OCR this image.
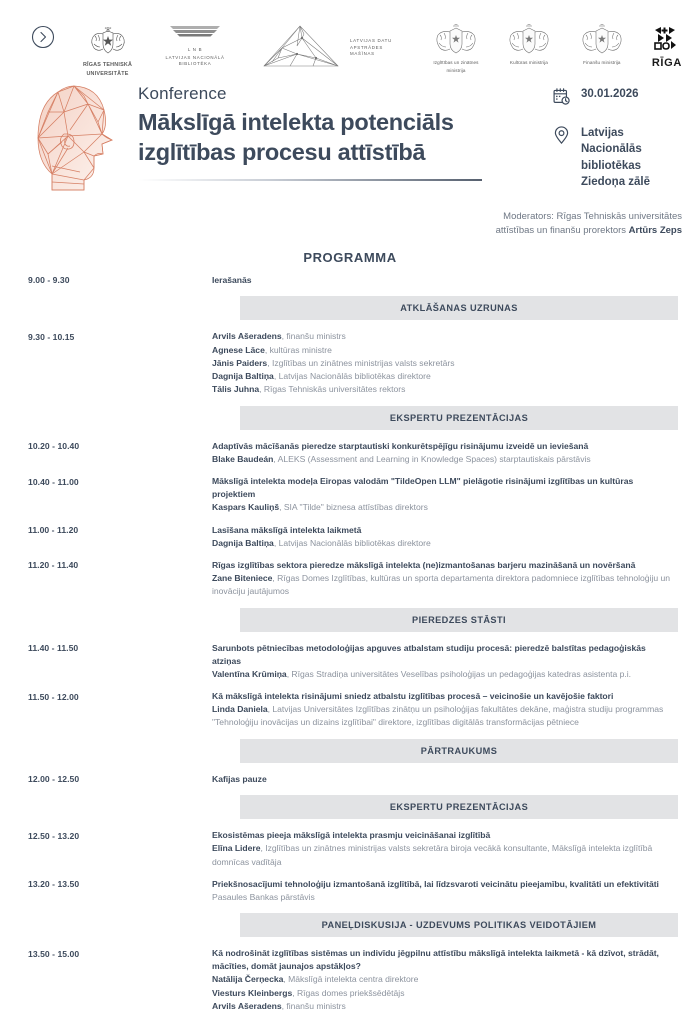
1862
RĪGAS TEHNISKĀ
UNIVERSITĀTE
L N B
LATVIJAS NACIONĀLĀ BIBLIOTĒKA
LATVIJAS DATU APSTRĀDES MAŠĪNAS
Izglītības un zinātnes
ministrija
Kultūras ministrija	Finanšu ministrija	RĪGA
Konference
Mākslīgā intelekta potenciāls
izglītības procesu attīstībā
30.01.2026
Latvijas
Nacionālās
bibliotēkas
Ziedoņa zālē
Moderators: Rīgas Tehniskās universitātes
attīstības un finanšu prorektors Artūrs Zeps
PROGRAMMA
9.00 - 9.30	Ierašanās
ATKLĀŠANAS UZRUNAS
9.30 - 10.15	Arvils Ašeradens, finanšu ministrs
Agnese Lāce, kultūras ministre
Jānis Paiders, Izglītības un zinātnes ministrijas valsts sekretārs
Dagnija Baltiņa, Latvijas Nacionālās bibliotēkas direktore
Tālis Juhna, Rīgas Tehniskās universitātes rektors
EKSPERTU PREZENTĀCIJAS
10.20 - 10.40	Adaptīvās mācīšanās pieredze starptautiski konkurētspējīgu risinājumu izveidē un ieviešanā
Blake Baudeán, ALEKS (Assessment and Learning in Knowledge Spaces) starptautiskais pārstāvis
10.40 - 11.00	Mākslīgā intelekta modeļa Eiropas valodām "TildeOpen LLM" pielāgotie risinājumi izglītības un kultūras projektiem
Kaspars Kauliņš, SIA "Tilde" biznesa attīstības direktors
11.00 - 11.20	Lasīšana mākslīgā intelekta laikmetā
Dagnija Baltiņa, Latvijas Nacionālās bibliotēkas direktore
11.20 - 11.40	Rīgas izglītības sektora pieredze mākslīgā intelekta (ne)izmantošanas barjeru mazināšanā un novēršanā
Zane Biteniece, Rīgas Domes Izglītības, kultūras un sporta departamenta direktora padomniece izglītības tehnoloģiju un inovāciju jautājumos
PIEREDZES STĀSTI
11.40 - 11.50	Sarunbots pētniecības metodoloģijas apguves atbalstam studiju procesā: pieredzē balstītas pedagoģiskās atziņas
Valentīna Krūmiņa, Rīgas Stradiņa universitātes Veselības psiholoģijas un pedagoģijas katedras asistenta p.i.
11.50 - 12.00	Kā mākslīgā intelekta risinājumi sniedz atbalstu izglītības procesā – veicinošie un kavējošie faktori
Linda Daniela, Latvijas Universitātes Izglītības zinātņu un psiholoģijas fakultātes dekāne, maģistra studiju programmas "Tehnoloģiju inovācijas un dizains izglītībai" direktore, izglītības digitālās transformācijas pētniece
PĀRTRAUKUMS
12.00 - 12.50	Kafijas pauze
EKSPERTU PREZENTĀCIJAS
12.50 - 13.20	Ekosistēmas pieeja mākslīgā intelekta prasmju veicināšanai izglītībā
Elīna Lidere, Izglītības un zinātnes ministrijas valsts sekretāra biroja vecākā konsultante, Mākslīgā intelekta izglītībā domnīcas vadītāja
13.20 - 13.50	Priekšnosacījumi tehnoloģiju izmantošanā izglītībā, lai līdzsvaroti veicinātu pieejamību, kvalitāti un efektivitāti
Pasaules Bankas pārstāvis
PANEĻDISKUSIJA - UZDEVUMS POLITIKAS VEIDOTĀJIEM
13.50 - 15.00	Kā nodrošināt izglītības sistēmas un indivīdu jēgpilnu attīstību mākslīgā intelekta laikmetā - kā dzīvot, strādāt, mācīties, domāt jaunajos apstākļos?
Natālija Čerņecka, Mākslīgā intelekta centra direktore
Viesturs Kleinbergs, Rīgas domes priekšsēdētājs
Arvils Ašeradens, finanšu ministrs
